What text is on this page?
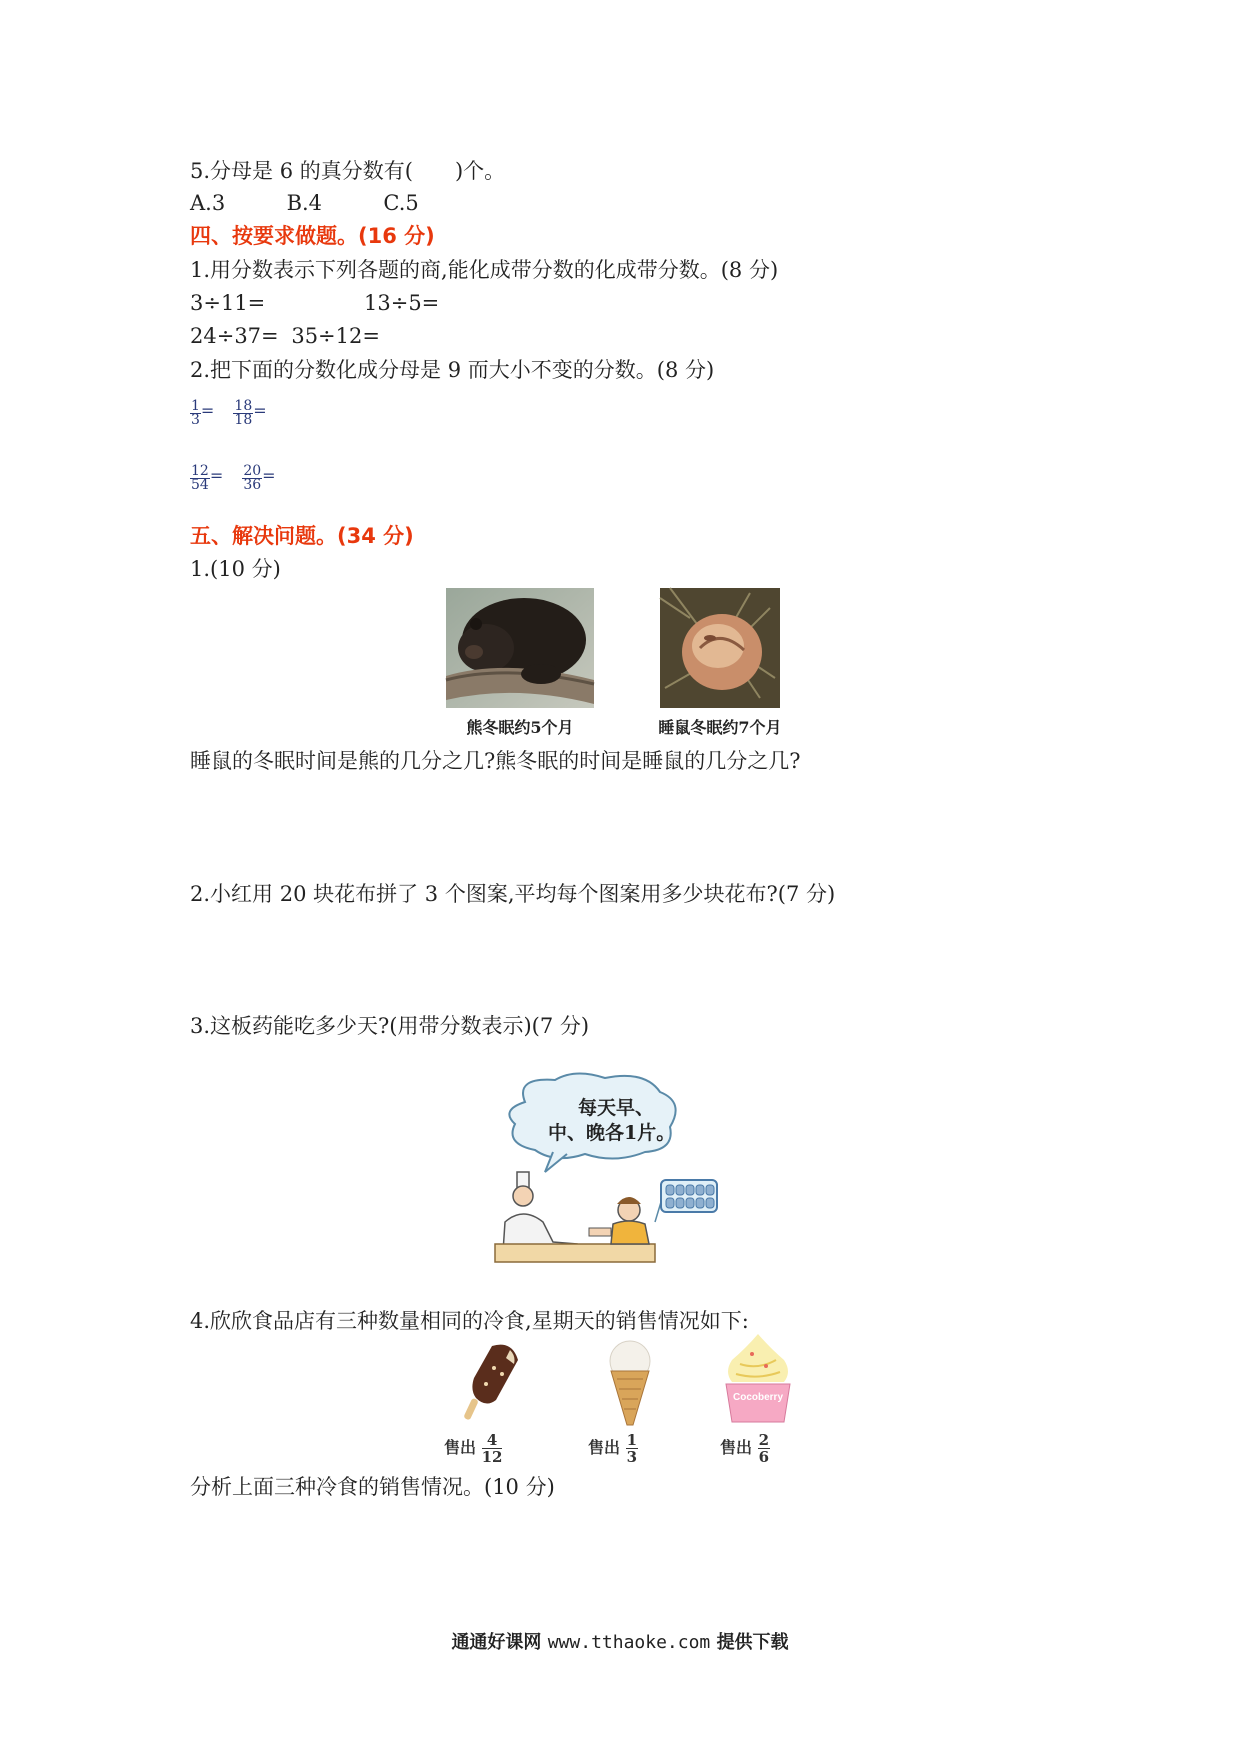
5.分母是 6 的真分数有(　　)个。
A.3	B.4	C.5
四、按要求做题。(16 分)
1.用分数表示下列各题的商,能化成带分数的化成带分数。(8 分)
3÷11=	13÷5=
24÷37= 35÷12=
2.把下面的分数化成分母是 9 而大小不变的分数。(8 分)
$\frac{1}{3} = \frac{18}{18}$ =
$\frac{12}{54} = \frac{20}{36}$ =
五、解决问题。(34 分)
1.(10 分)
熊冬眠约5个月	睡鼠冬眠约7个月
睡鼠的冬眠时间是熊的几分之几?熊冬眠的时间是睡鼠的几分之几?
2.小红用 20 块花布拼了 3 个图案,平均每个图案用多少块花布?(7 分)
3.这板药能吃多少天?(用带分数表示)(7 分)
每天早、
中、晚各1片。
4.欣欣食品店有三种数量相同的冷食,星期天的销售情况如下:
Cocoberry
售出 $\frac{4}{12}$	售出 $\frac{1}{3}$	售出 $\frac{2}{6}$
分析上面三种冷食的销售情况。(10 分)
通通好课网 www.tthaoke.com 提供下载
